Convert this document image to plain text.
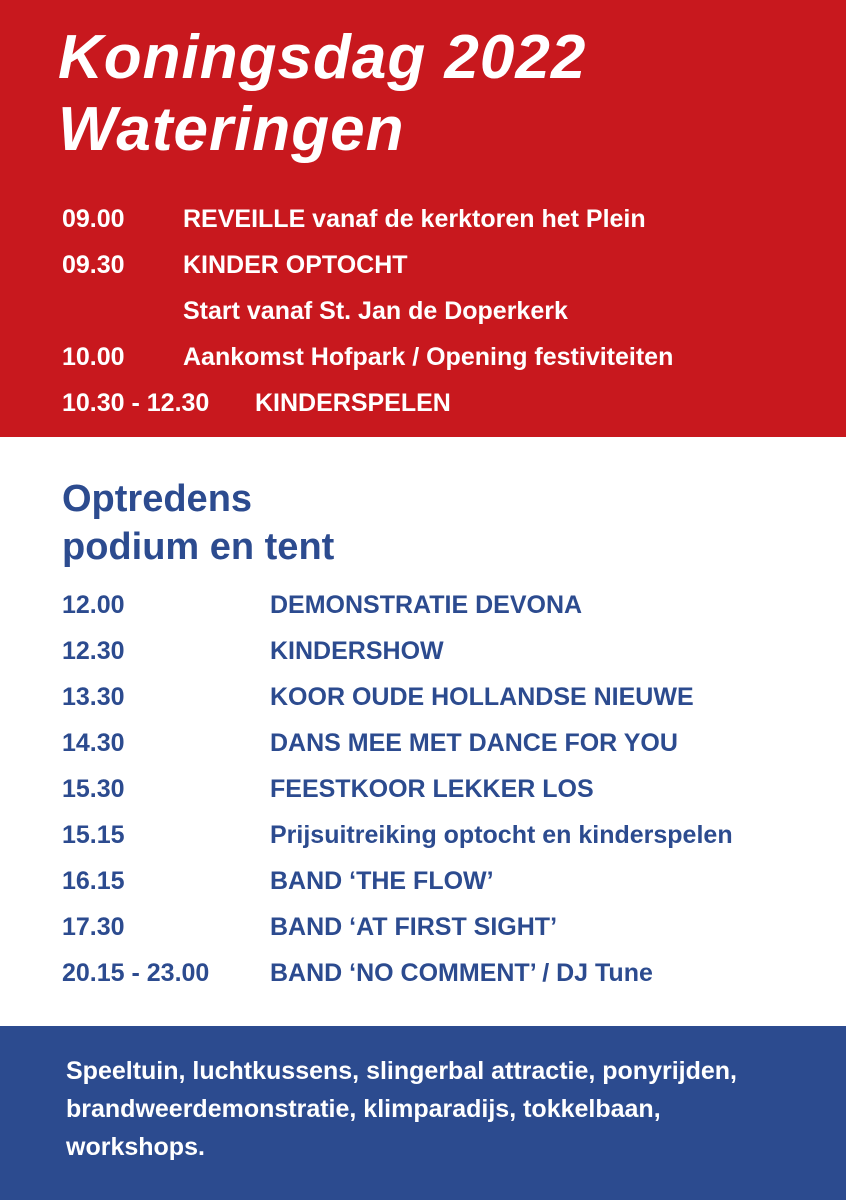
Koningsdag 2022
Wateringen
09.00 REVEILLE vanaf de kerktoren het Plein
09.30 KINDER OPTOCHT
Start vanaf St. Jan de Doperkerk
10.00 Aankomst Hofpark / Opening festiviteiten
10.30 - 12.30 KINDERSPELEN
Optredens
podium en tent
12.00	DEMONSTRATIE DEVONA
12.30	KINDERSHOW
13.30	KOOR OUDE HOLLANDSE NIEUWE
14.30	DANS MEE MET DANCE FOR YOU
15.30	FEESTKOOR LEKKER LOS
15.15	Prijsuitreiking optocht en kinderspelen
16.15	BAND ‘THE FLOW’
17.30	BAND ‘AT FIRST SIGHT’
20.15 - 23.00 BAND ‘NO COMMENT’ / DJ Tune

Speeltuin, luchtkussens, slingerbal attractie, ponyrijden, brandweerdemonstratie, klimparadijs, tokkelbaan, workshops.
